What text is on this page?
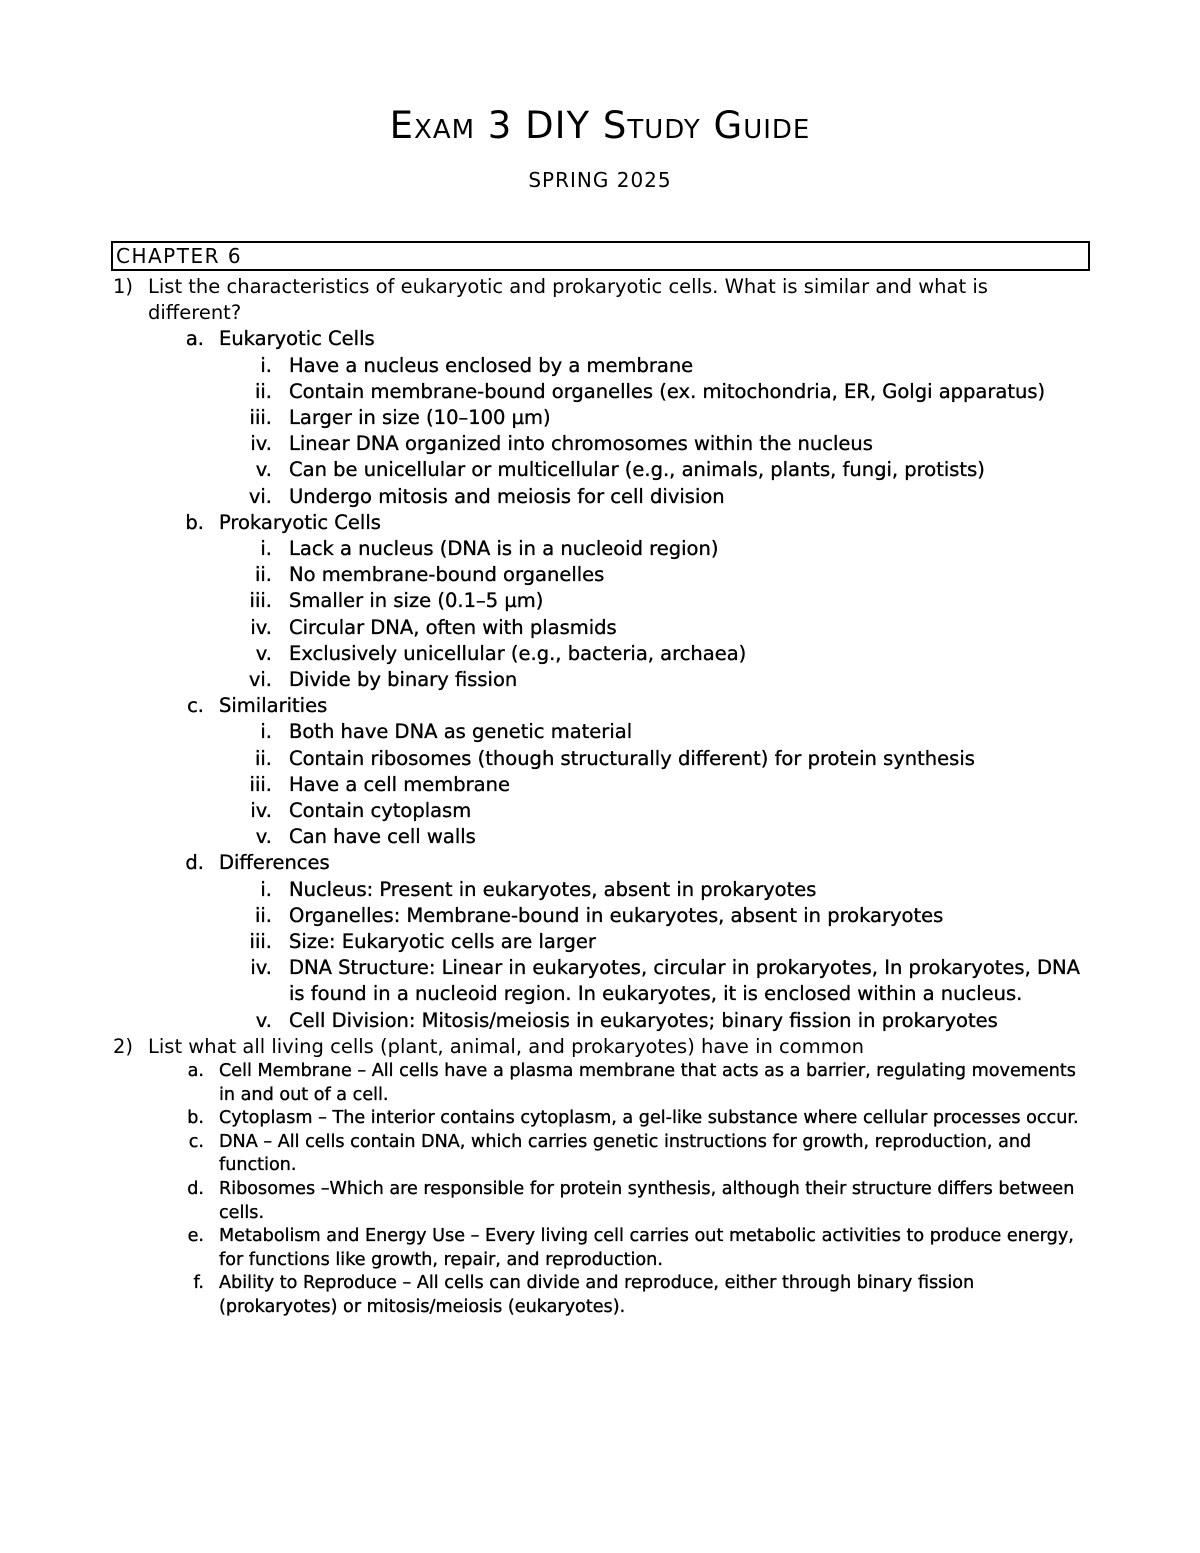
Exam 3 DIY Study Guide
SPRING 2025
CHAPTER 6
1) List the characteristics of eukaryotic and prokaryotic cells. What is similar and what is different?
a. Eukaryotic Cells
i. Have a nucleus enclosed by a membrane
ii. Contain membrane-bound organelles (ex. mitochondria, ER, Golgi apparatus)
iii. Larger in size (10–100 µm)
iv. Linear DNA organized into chromosomes within the nucleus
v. Can be unicellular or multicellular (e.g., animals, plants, fungi, protists)
vi. Undergo mitosis and meiosis for cell division
b. Prokaryotic Cells
i. Lack a nucleus (DNA is in a nucleoid region)
ii. No membrane-bound organelles
iii. Smaller in size (0.1–5 µm)
iv. Circular DNA, often with plasmids
v. Exclusively unicellular (e.g., bacteria, archaea)
vi. Divide by binary fission
c. Similarities
i. Both have DNA as genetic material
ii. Contain ribosomes (though structurally different) for protein synthesis
iii. Have a cell membrane
iv. Contain cytoplasm
v. Can have cell walls
d. Differences
i. Nucleus: Present in eukaryotes, absent in prokaryotes
ii. Organelles: Membrane-bound in eukaryotes, absent in prokaryotes
iii. Size: Eukaryotic cells are larger
iv. DNA Structure: Linear in eukaryotes, circular in prokaryotes, In prokaryotes, DNA is found in a nucleoid region. In eukaryotes, it is enclosed within a nucleus.
v. Cell Division: Mitosis/meiosis in eukaryotes; binary fission in prokaryotes
2) List what all living cells (plant, animal, and prokaryotes) have in common
a. Cell Membrane – All cells have a plasma membrane that acts as a barrier, regulating movements in and out of a cell.
b. Cytoplasm – The interior contains cytoplasm, a gel-like substance where cellular processes occur.
c. DNA – All cells contain DNA, which carries genetic instructions for growth, reproduction, and function.
d. Ribosomes –Which are responsible for protein synthesis, although their structure differs between cells.
e. Metabolism and Energy Use – Every living cell carries out metabolic activities to produce energy, for functions like growth, repair, and reproduction.
f. Ability to Reproduce – All cells can divide and reproduce, either through binary fission (prokaryotes) or mitosis/meiosis (eukaryotes).
